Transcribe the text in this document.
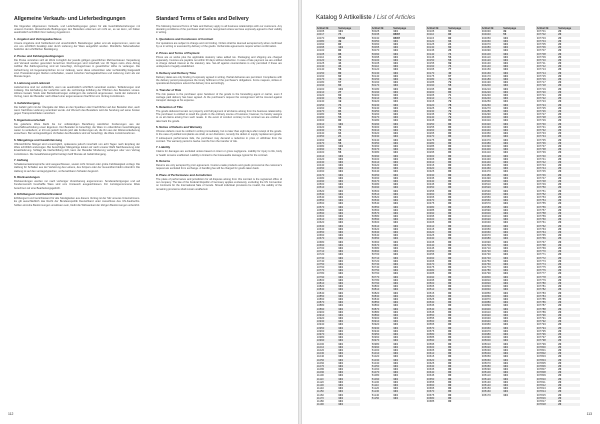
Allgemeine Verkaufs- und Lieferbedingungen
Die folgenden Allgemeinen Verkaufs- und Lieferbedingungen gelten für alle Geschäftsbeziehungen mit unseren Kunden. Abweichende Bedingungen des Bestellers erkennen wir nicht an, es sei denn, wir hätten ausdrücklich schriftlich ihrer Geltung zugestimmt.
1. Angebot und Vertragsabschluss
Unsere Angebote sind freibleibend und unverbindlich. Bestellungen gelten erst als angenommen, wenn sie von uns schriftlich bestätigt oder durch Lieferung der Ware ausgeführt werden. Mündliche Nebenabreden bedürfen der schriftlichen Bestätigung.
2. Preise und Zahlungsbedingungen
Die Preise verstehen sich ab Werk zuzüglich der jeweils gültigen gesetzlichen Mehrwertsteuer. Verpackung und Versand werden gesondert berechnet. Rechnungen sind innerhalb von 30 Tagen netto ohne Abzug zahlbar. Bei Zahlungsverzug sind wir berechtigt, Verzugszinsen in gesetzlicher Höhe zu verlangen. Die Aufrechnung mit Gegenansprüchen ist nur zulässig, wenn diese unbestritten oder rechtskräftig festgestellt sind. Preisänderungen bleiben vorbehalten, soweit zwischen Vertragsabschluss und Lieferung mehr als vier Monate liegen.
3. Lieferung und Lieferzeit
Liefertermine sind nur verbindlich, wenn sie ausdrücklich schriftlich vereinbart wurden. Teillieferungen sind zulässig. Die Einhaltung der Lieferfrist setzt die rechtzeitige Erfüllung der Pflichten des Bestellers voraus. Höhere Gewalt, Streik oder Betriebsstörungen verlängern die Lieferzeit angemessen. Gerät der Lieferant in Verzug, kann der Besteller nach Ablauf einer angemessenen Nachfrist vom Vertrag zurücktreten.
4. Gefahrübergang
Die Gefahr geht mit der Übergabe der Ware an den Spediteur oder Frachtführer auf den Besteller über, auch wenn frachtfreie Lieferung vereinbart wurde. Auf Wunsch des Bestellers wird die Sendung auf seine Kosten gegen Transportschäden versichert.
5. Eigentumsvorbehalt
Die gelieferte Ware bleibt bis zur vollständigen Bezahlung sämtlicher Forderungen aus der Geschäftsverbindung unser Eigentum. Der Besteller ist berechtigt, die Ware im ordentlichen Geschäftsgang weiter zu veräußern; er tritt uns jedoch bereits jetzt alle Forderungen ab, die ihm aus der Weiterveräußerung erwachsen. Bei vertragswidrigem Verhalten des Bestellers sind wir berechtigt, die Ware zurückzunehmen.
6. Mängelrüge und Gewährleistung
Offensichtliche Mängel sind unverzüglich, spätestens jedoch innerhalb von acht Tagen nach Empfang der Ware schriftlich anzuzeigen. Bei berechtigter Mängelrüge leisten wir nach unserer Wahl Nachbesserung oder Ersatzlieferung. Schlägt die Nacherfüllung fehl, kann der Besteller Minderung verlangen oder vom Vertrag zurücktreten. Die Gewährleistungsfrist beträgt zwölf Monate ab Gefahrübergang.
7. Haftung
Schadensersatzansprüche sind ausgeschlossen, soweit nicht Vorsatz oder grobe Fahrlässigkeit vorliegt. Die Haftung für Schäden aus der Verletzung des Lebens, des Körpers oder der Gesundheit bleibt unberührt. Die Haftung ist auf den vertragstypischen, vorhersehbaren Schaden begrenzt.
8. Rücksendungen
Rücksendungen werden nur nach vorheriger Vereinbarung angenommen. Sonderanfertigungen und auf Kundenwunsch beschaffte Ware sind vom Umtausch ausgeschlossen. Für zurückgenommene Ware berechnen wir eine Bearbeitungsgebühr.
9. Erfüllungsort und Gerichtsstand
Erfüllungsort und Gerichtsstand für alle Streitigkeiten aus diesem Vertrag ist der Sitz unseres Unternehmens. Es gilt ausschließlich das Recht der Bundesrepublik Deutschland unter Ausschluss des UN-Kaufrechts. Sollten einzelne Bestimmungen unwirksam sein, bleibt die Wirksamkeit der übrigen Bestimmungen unberührt.
Standard Terms of Sales and Delivery
The following General Terms of Sale and Delivery apply to all business relationships with our customers. Any deviating conditions of the purchaser shall not be recognised unless we have expressly agreed to their validity in writing.
1. Quotations and Conclusion of Contract
Our quotations are subject to change and not binding. Orders shall be deemed accepted only when confirmed by us in writing or executed by delivery of the goods. Verbal side agreements require written confirmation.
2. Prices and Terms of Payment
Prices are ex works plus the applicable statutory value added tax. Packaging and shipping are charged separately. Invoices are payable net within 30 days without deduction. In case of late payment we are entitled to charge default interest at the statutory rate. Set-off against counterclaims is only permitted if these are undisputed or legally established.
3. Delivery and Delivery Time
Delivery dates are only binding if expressly agreed in writing. Partial deliveries are permitted. Compliance with the delivery period presupposes the timely fulfilment of the purchaser's obligations. Force majeure, strikes or operational disruptions extend the delivery time accordingly.
4. Transfer of Risk
The risk passes to the purchaser upon handover of the goods to the forwarding agent or carrier, even if carriage paid delivery has been agreed. At the purchaser's request the consignment will be insured against transport damage at his expense.
5. Retention of Title
The goods delivered remain our property until full payment of all claims arising from the business relationship. The purchaser is entitled to resell the goods in the ordinary course of business; however, he hereby assigns to us all claims arising from such resale. In the event of conduct contrary to the contract we are entitled to take back the goods.
6. Notice of Defects and Warranty
Obvious defects must be notified in writing immediately, but no later than eight days after receipt of the goods. In the case of justified complaints we shall, at our discretion, remedy the defect or supply replacement goods. If subsequent performance fails, the purchaser may demand a reduction in price or withdraw from the contract. The warranty period is twelve months from the transfer of risk.
7. Liability
Claims for damages are excluded unless based on intent or gross negligence. Liability for injury to life, body or health remains unaffected. Liability is limited to the foreseeable damage typical for the contract.
8. Returns
Returns are only accepted by prior agreement. Custom-made products and goods procured at the customer's request are excluded from exchange. A handling fee will be charged for goods taken back.
9. Place of Performance and Jurisdiction
The place of performance and jurisdiction for all disputes arising from this contract is the registered office of our company. The law of the Federal Republic of Germany applies exclusively, excluding the UN Convention on Contracts for the International Sale of Goods. Should individual provisions be invalid, the validity of the remaining provisions shall remain unaffected.
112
Katalog 9 Artikelliste / List of Articles
Artikel Nr.	Seite/page
10005	104
10017	74
10070	67/68
10080	39
10090	82
10095	104
10100	82
10105	86
10110	23
10120	52
10125	44
10130	34
10140	56
10150	80
10160	62
10170	19
10180	57
10190	60
10200	104
10210	27
10220	60
10230	58
10240	19
10250	74
10260	72
10270	84
10280	56
10290	56
10300	82
10310	104
10320	60
10330	72
10340	64
10350	21
10360	98
10370	56
10380	104
10390	56
10400	56
10410	104
10420	104
10430	104
10440	104
10450	104
10460	104
10470	104
10480	104
10490	104
10500	104
10510	104
10520	104
10530	104
10540	104
10550	104
10560	104
10570	104
10580	104
10590	104
10600	104
10610	104
10620	104
10630	104
10640	104
10650	104
10660	104
10670	104
10680	104
10690	104
10700	104
10710	104
10720	104
10730	104
10740	104
10750	104
10760	104
10770	104
10780	104
10790	104
10800	104
10810	104
10820	104
10830	104
10840	104
10850	104
10860	104
10870	104
10880	104
10890	104
10900	104
10910	104
10920	104
10930	104
10940	104
10950	104
10960	104
10970	104
10980	104
10990	104
11000	104
11010	104
11020	104
11030	104
11040	104
11050	104
11060	104
11070	104
11080	104
11090	104
11100	104
11110	104
11120	104
11130	104
11140	104
11150	104
11160	104
11170	104
11180	104
11190	104
Artikel Nr.	Seite/page
50025	104
50035	88/87
50040	88/87
50050	104
50060	104
50065	104
50070	104
50090	104
50095	104
50100	104
50105	104
50110	104
50120	104
50130	104
50140	104
50150	104
50160	104
50170	104
50180	104
50190	104
50200	104
50210	104
50220	104
50230	104
50240	104
50250	104
50260	104
50270	104
50280	104
50290	104
50300	104
50310	104
50320	104
50330	104
50340	104
50350	104
50360	104
50370	104
50380	104
50390	104
50400	104
50410	104
50420	104
50430	104
50440	104
50450	104
50460	104
50470	104
50480	104
50490	104
50500	104
50510	104
50520	104
50530	104
50540	104
50550	104
50560	104
50570	104
50580	104
50590	104
50600	104
50610	104
50620	104
50630	104
50640	104
50650	104
50660	104
50670	104
50680	104
50690	104
50700	104
50710	104
50720	104
50730	104
50740	104
50750	104
50760	104
50770	104
50780	104
50790	104
50800	104
50810	104
50820	104
50830	104
50840	104
50850	104
50860	104
50870	104
50880	104
50890	104
50900	104
50910	104
50920	104
50930	104
50940	104
50950	104
50960	104
50970	104
50980	104
50990	104
51000	104
51010	104
51020	104
51030	104
51040	104
51050	104
51060	104
51070	104
51080	104
51090	104
51100	104
51110	104
51120	104
51130	104
51140	104
51150	104
Artikel Nr.	Seite/page
30105	62
30110	82
30115	82
30120	63
30125	24
30130	60
30135	26
30140	74
30145	53
30150	56
30155	69
30160	74
30165	77
30170	40
30175	67
30180	79
30185	79
30190	56
30195	80
30200	80
30205	71
30210	71
30215	79
30220	78
30225	76
30230	79
30235	79
30240	79
30245	80
30250	80
30255	80
30260	80
30265	80
30270	80
30275	80
30280	80
30285	80
30290	80
30295	80
30300	80
30305	80
30310	80
30315	80
30320	80
30325	80
30330	80
30335	80
30340	80
30345	80
30350	80
30355	80
30360	80
30365	80
30370	80
30375	80
30380	80
30385	80
30390	80
30395	80
30400	80
30405	80
30410	80
30415	80
30420	80
30425	80
30430	80
30435	80
30440	80
30445	80
30450	80
30455	80
30460	80
30465	80
30470	80
30475	80
30480	80
30485	80
30490	80
30495	80
30500	80
30505	80
30510	80
30515	80
30520	80
30525	80
30530	80
30535	80
30540	80
30545	80
30550	80
30555	80
30560	80
30565	80
30570	80
30575	80
30580	80
30585	80
30590	80
30595	80
30600	80
30605	80
30610	80
30615	80
30620	80
30625	80
30630	80
30635	80
30640	80
30645	80
30650	80
30655	80
30660	80
30665	80
30670	80
30675	80
30680	80
30685	80
Artikel Nr.	Seite/page
304030	39
304040	56
304050	104
304060	104
304070	104
304080	104
304090	104
304100	104
304110	104
304120	104
304130	104
304140	104
304150	104
304160	104
304170	104
304180	104
304190	104
304200	104
304210	104
304220	104
304230	104
304240	104
304250	104
304260	104
304270	104
304280	104
304290	104
304300	104
304310	104
304320	104
304330	104
304340	104
304350	104
304360	104
304370	104
304380	104
304390	104
304400	104
304410	104
304420	104
304430	104
304440	104
304450	104
304460	104
304470	104
304480	104
304490	104
304500	104
304510	104
304520	104
304530	104
304540	104
304550	104
304560	104
304570	104
304580	104
304590	104
304600	104
304610	104
304620	104
304630	104
304640	104
304650	104
304660	104
304670	104
304680	104
304690	104
304700	104
304710	104
304720	104
304730	104
304740	104
304750	104
304760	104
304770	104
304780	104
304790	104
304800	104
304810	104
304820	104
304830	104
304840	104
304850	104
304860	104
304870	104
304880	104
304890	104
304900	104
304910	104
304920	104
304930	104
304940	104
304950	104
304960	104
304970	104
304980	104
304990	104
305000	104
305010	104
305020	104
305030	104
305040	104
305050	104
305060	104
305070	104
305080	104
305090	104
305100	104
305110	104
305120	104
305130	104
305140	104
305150	104
305160	104
305170	104
Artikel Nr.	Seite/page
307701	20
307702	20
307703	20
307704	20
307705	20
307706	20
307707	20
307708	20
307709	20
307710	20
307711	20
307712	20
307713	20
307714	20
307715	20
307716	20
307717	20
307718	20
307719	20
307720	20
307721	20
307722	20
307723	20
307724	20
307725	20
307726	20
307727	20
307728	20
307729	20
307730	20
307731	20
307732	20
307733	20
307734	20
307735	20
307736	20
307737	20
307738	20
307739	20
307740	20
307741	20
307742	20
307743	20
307744	20
307745	20
307746	20
307747	20
307748	20
307749	20
307750	20
307751	20
307752	20
307753	20
307754	20
307755	20
307756	20
307757	20
307758	20
307759	20
307760	20
307761	20
307762	20
307763	20
307764	20
307765	20
307766	20
307767	20
307768	20
307769	20
307770	20
307771	20
307772	20
307773	20
307774	20
307775	20
307776	20
307777	20
307778	20
307779	20
307780	20
307781	20
307782	20
307783	20
307784	20
307785	20
307786	20
307787	20
307788	20
307789	20
307790	20
307791	20
307792	20
307793	20
307794	20
307795	20
307796	20
307797	20
307798	20
307799	20
307800	20
307801	20
307802	20
307803	20
307804	20
307805	20
307806	20
307807	20
307808	20
307809	20
307810	20
307811	20
307812	20
307813	20
307814	20
307815	20
307816	20
307817	20
307818	20
113
